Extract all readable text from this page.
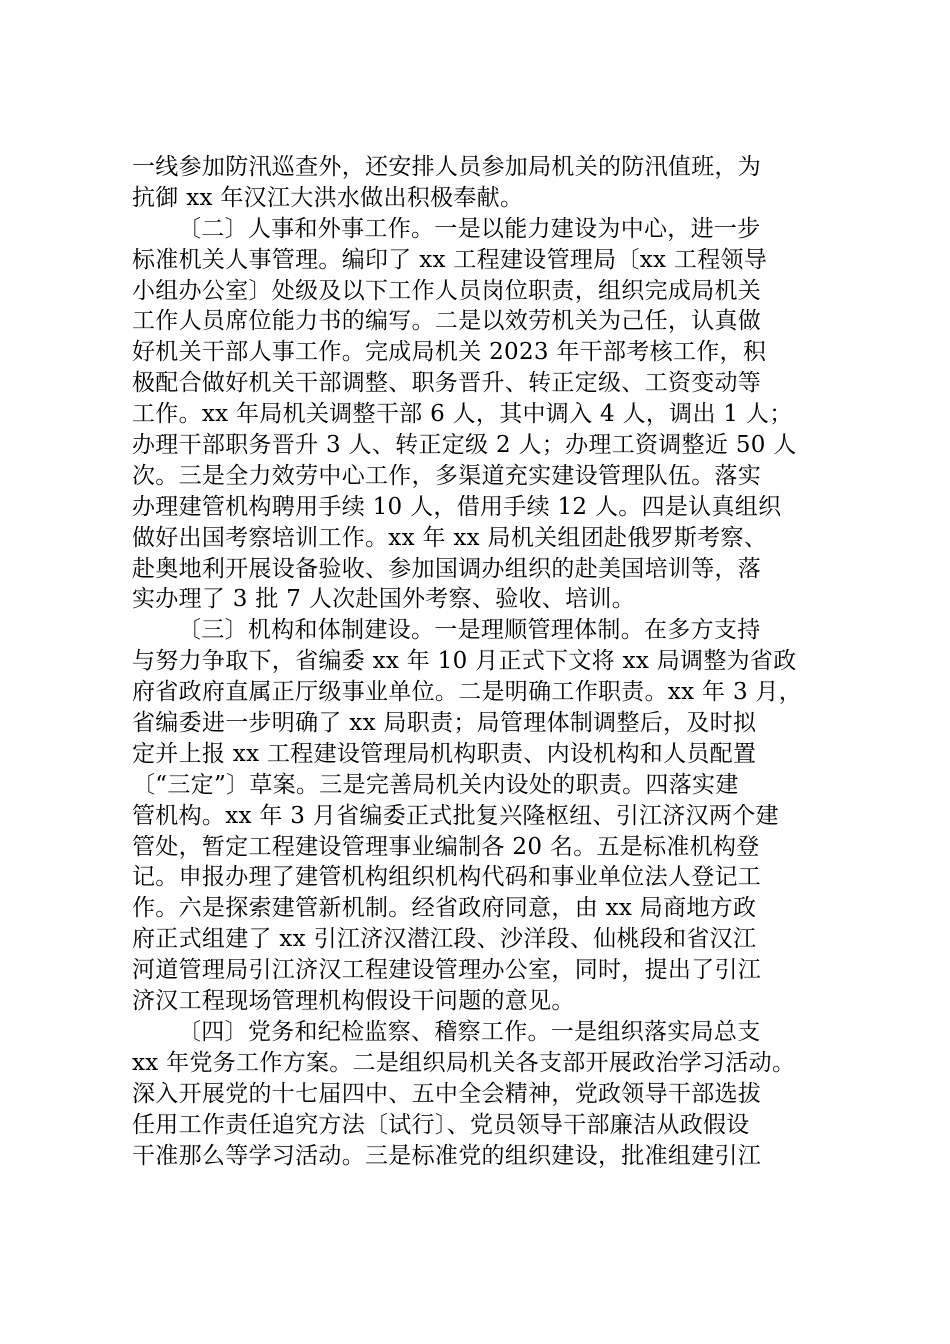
一线参加防汛巡查外，还安排人员参加局机关的防汛值班，为
抗御 xx 年汉江大洪水做出积极奉献。
〔二〕人事和外事工作。一是以能力建设为中心，进一步
标准机关人事管理。编印了 xx 工程建设管理局〔xx 工程领导
小组办公室〕处级及以下工作人员岗位职责，组织完成局机关
工作人员席位能力书的编写。二是以效劳机关为己任，认真做
好机关干部人事工作。完成局机关 2023 年干部考核工作，积
极配合做好机关干部调整、职务晋升、转正定级、工资变动等
工作。xx 年局机关调整干部 6 人，其中调入 4 人，调出 1 人；
办理干部职务晋升 3 人、转正定级 2 人；办理工资调整近 50 人
次。三是全力效劳中心工作，多渠道充实建设管理队伍。落实
办理建管机构聘用手续 10 人，借用手续 12 人。四是认真组织
做好出国考察培训工作。xx 年 xx 局机关组团赴俄罗斯考察、
赴奥地利开展设备验收、参加国调办组织的赴美国培训等，落
实办理了 3 批 7 人次赴国外考察、验收、培训。
〔三〕机构和体制建设。一是理顺管理体制。在多方支持
与努力争取下，省编委 xx 年 10 月正式下文将 xx 局调整为省政
府省政府直属正厅级事业单位。二是明确工作职责。xx 年 3 月，
省编委进一步明确了 xx 局职责；局管理体制调整后，及时拟
定并上报 xx 工程建设管理局机构职责、内设机构和人员配置
〔“三定”〕草案。三是完善局机关内设处的职责。四落实建
管机构。xx 年 3 月省编委正式批复兴隆枢纽、引江济汉两个建
管处，暂定工程建设管理事业编制各 20 名。五是标准机构登
记。申报办理了建管机构组织机构代码和事业单位法人登记工
作。六是探索建管新机制。经省政府同意，由 xx 局商地方政
府正式组建了 xx 引江济汉潜江段、沙洋段、仙桃段和省汉江
河道管理局引江济汉工程建设管理办公室，同时，提出了引江
济汉工程现场管理机构假设干问题的意见。
〔四〕党务和纪检监察、稽察工作。一是组织落实局总支
xx 年党务工作方案。二是组织局机关各支部开展政治学习活动。
深入开展党的十七届四中、五中全会精神，党政领导干部选拔
任用工作责任追究方法〔试行〕、党员领导干部廉洁从政假设
干准那么等学习活动。三是标准党的组织建设，批准组建引江
